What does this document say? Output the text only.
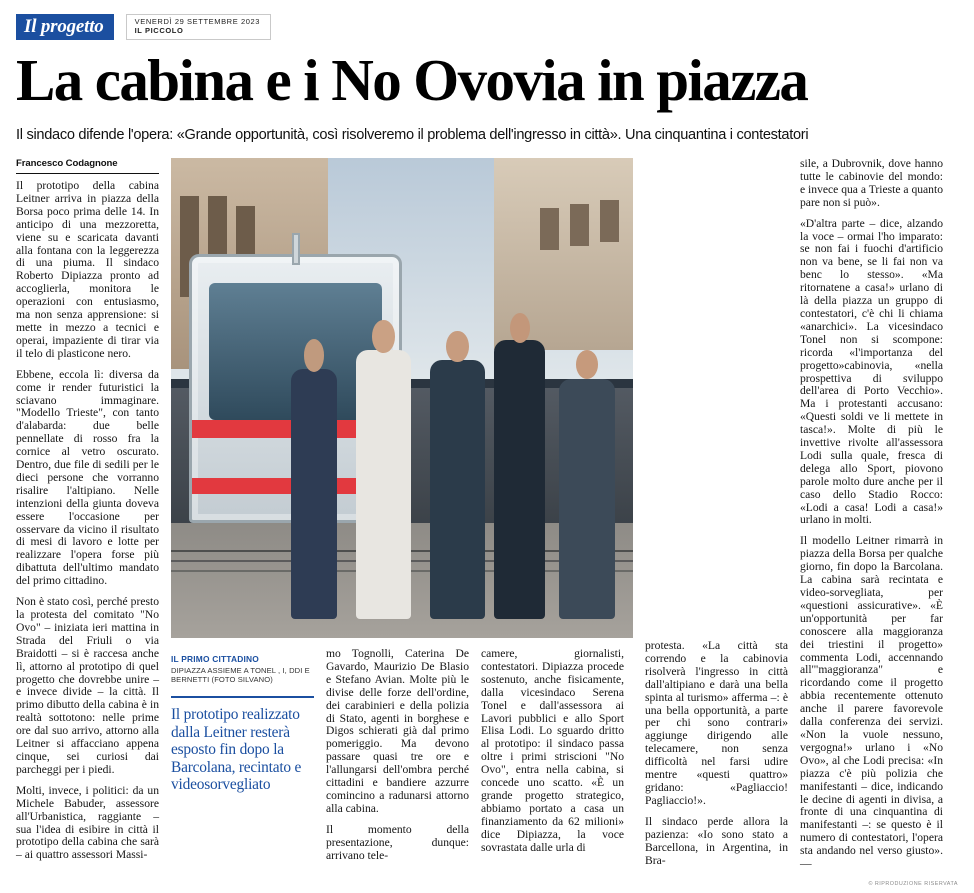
Il progetto	VENERDÌ 29 SETTEMBRE 2023
IL PICCOLO
La cabina e i No Ovovia in piazza
Il sindaco difende l'opera: «Grande opportunità, così risolveremo il problema dell'ingresso in città». Una cinquantina i contestatori
Francesco Codagnone

Il prototipo della cabina Leitner arriva in piazza della Borsa poco prima delle 14. In anticipo di una mezzoretta, viene su e scaricata davanti alla fontana con la leggerezza di una piuma. Il sindaco Roberto Dipiazza pronto ad accoglierla, monitora le operazioni con entusiasmo, ma non senza apprensione: si mette in mezzo a tecnici e operai, impaziente di tirar via il telo di plasticone nero.

Ebbene, eccola lì: diversa da come ir render futuristici la sciavano immaginare. "Modello Trieste", con tanto d'alabarda: due belle pennellate di rosso fra la cornice al vetro oscurato. Dentro, due file di sedili per le dieci persone che vorranno risalire l'altipiano. Nelle intenzioni della giunta doveva essere l'occasione per osservare da vicino il risultato di mesi di lavoro e lotte per realizzare l'opera forse più dibattuta dell'ultimo mandato del primo cittadino.

Non è stato così, perché presto la protesta del comitato "No Ovo" – iniziata ieri mattina in Strada del Friuli o via Braidotti – si è raccesa anche lì, attorno al prototipo di quel progetto che dovrebbe unire – e invece divide – la città. Il primo dibutto della cabina è in realtà sottotono: nelle prime ore dal suo arrivo, attorno alla Leitner si affacciano appena cinque, sei curiosi dai parcheggi per i piedi.

Molti, invece, i politici: da un Michele Babuder, assessore all'Urbanistica, raggiante – sua l'idea di esibire in città il prototipo della cabina che sarà – ai quattro assessori Massi-

IL PRIMO CITTADINO
DIPIAZZA ASSIEME A TONEL , I, DDI E BERNETTI (FOTO SILVANO)
Il prototipo realizzato dalla Leitner resterà esposto fin dopo la Barcolana, recintato e videosorvegliato

mo Tognolli, Caterina De Gavardo, Maurizio De Blasio e Stefano Avian. Molte più le divise delle forze dell'ordine, dei carabinieri e della polizia di Stato, agenti in borghese e Digos schierati già dal primo pomeriggio. Ma devono passare quasi tre ore e l'allungarsi dell'ombra perché cittadini e bandiere azzurre comincino a radunarsi attorno alla cabina.

Il momento della presentazione, dunque: arrivano tele-

camere, giornalisti, contestatori. Dipiazza procede sostenuto, anche fisicamente, dalla vicesindaco Serena Tonel e dall'assessora ai Lavori pubblici e allo Sport Elisa Lodi. Lo sguardo dritto al prototipo: il sindaco passa oltre i primi striscioni "No Ovo", entra nella cabina, si concede uno scatto. «È un grande progetto strategico, abbiamo portato a casa un finanziamento da 62 milioni» dice Dipiazza, la voce sovrastata dalle urla di

protesta. «La città sta correndo e la cabinovia risolverà l'ingresso in città dall'altipiano e darà una bella spinta al turismo» afferma –: è una bella opportunità, a parte per chi sono contrari» aggiunge dirigendo alle telecamere, non senza difficoltà nel farsi udire mentre «questi quattro» gridano: «Pagliaccio! Pagliaccio!».

Il sindaco perde allora la pazienza: «Io sono stato a Barcellona, in Argentina, in Bra-

sile, a Dubrovnik, dove hanno tutte le cabinovie del mondo: e invece qua a Trieste a quanto pare non si può».

«D'altra parte – dice, alzando la voce – ormai l'ho imparato: se non fai i fuochi d'artificio non va bene, se li fai non va benc lo stesso». «Ma ritornatene a casa!» urlano di là della piazza un gruppo di contestatori, c'è chi li chiama «anarchici». La vicesindaco Tonel non si scompone: ricorda «l'importanza del progetto»cabinovia, «nella prospettiva di sviluppo dell'area di Porto Vecchio». Ma i protestanti accusano: «Questi soldi ve li mettete in tasca!». Molte di più le invettive rivolte all'assessora Lodi sulla quale, fresca di delega allo Sport, piovono parole molto dure anche per il caso dello Stadio Rocco: «Lodi a casa! Lodi a casa!» urlano in molti.

Il modello Leitner rimarrà in piazza della Borsa per qualche giorno, fin dopo la Barcolana. La cabina sarà recintata e video-sorvegliata, per «questioni assicurative». «È un'opportunità per far conoscere alla maggioranza dei triestini il progetto» commenta Lodi, accennando all'"maggioranza" e ricordando come il progetto abbia recentemente ottenuto anche il parere favorevole dalla conferenza dei servizi. «Non la vuole nessuno, vergogna!» urlano i «No Ovo», al che Lodi precisa: «In piazza c'è più polizia che manifestanti – dice, indicando le decine di agenti in divisa, a fronte di una cinquantina di manifestanti –: se questo è il numero di contestatori, l'opera sta andando nel verso giusto». —

© RIPRODUZIONE RISERVATA
